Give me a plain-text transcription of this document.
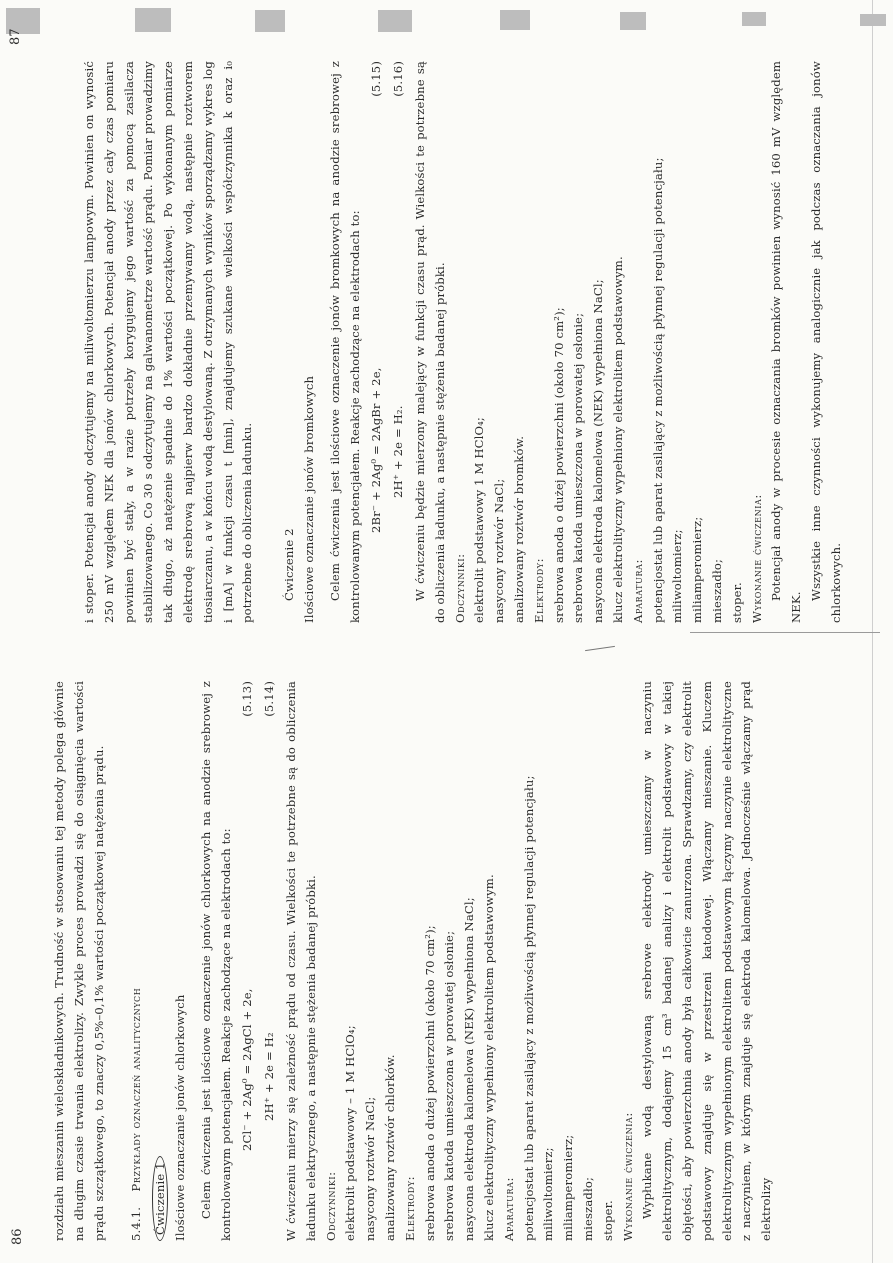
86 rozdziału mieszanin wieloskładnikowych. Trudność w stosowaniu tej metody polega głównie na długim czasie trwania elektrolizy. Zwykle proces prowadzi się do osiągnięcia wartości prądu szczątkowego, to znaczy 0,5%–0,1% wartości początkowej natężenia prądu.	5.4.1.    Przykłady oznaczeń analitycznych

Ćwiczenie 1 Ilościowe oznaczanie jonów chlorkowych	Celem ćwiczenia jest ilościowe oznaczenie jonów chlorkowych na anodzie srebrowej z kontrolowanym potencjałem. Reakcje zachodzące na elektrodach to: 2Cl⁻ + 2Ag⁰ = 2AgCl + 2e,
(5.13)
2H⁺ + 2e = H₂
(5.14) W ćwiczeniu mierzy się zależność prądu od czasu. Wielkości te potrzebne są do obliczenia ładunku elektrycznego, a następnie stężenia badanej próbki. Odczynniki: elektrolit podstawowy – 1 M HClO₄; nasycony roztwór NaCl; analizowany roztwór chlorków. Elektrody: srebrowa anoda o dużej powierzchni (około 70 cm²); srebrowa katoda umieszczona w porowatej osłonie; nasycona elektroda kalomelowa (NEK) wypełniona NaCl; klucz elektrolityczny wypełniony elektrolitem podstawowym. Aparatura: potencjostat lub aparat zasilający z możliwością płynnej regulacji potencjału; miliwoltomierz; miliamperomierz; mieszadło; stoper. Wykonanie ćwiczenia: Wypłukane wodą destylowaną srebrowe elektrody umieszczamy w naczyniu elektrolitycznym, dodajemy 15 cm³ badanej analizy i elektrolit podstawowy w takiej objętości, aby powierzchnia anody była całkowicie zanurzona. Sprawdzamy, czy elektrolit podstawowy znajduje się w przestrzeni katodowej. Włączamy mieszanie. Kluczem elektrolitycznym wypełnionym elektrolitem podstawowym łączymy naczynie elektrolityczne z naczyniem, w którym znajduje się elektroda kalomelowa. Jednocześnie włączamy prąd elektrolizy

87

i stoper. Potencjał anody odczytujemy na miliwoltomierzu lampowym. Powinien on wynosić 250 mV względem NEK dla jonów chlorkowych. Potencjał anody przez cały czas pomiaru powinien być stały, a w razie potrzeby korygujemy jego wartość za pomocą zasilacza stabilizowanego. Co 30 s odczytujemy na galwanometrze wartość prądu. Pomiar prowadzimy tak długo, aż natężenie spadnie do 1% wartości początkowej. Po wykonanym pomiarze elektrodę srebrową najpierw bardzo dokładnie przemywamy wodą, następnie roztworem tiosiarczanu, a w końcu wodą destylowaną. Z otrzymanych wyników sporządzamy wykres log i [mA] w funkcji czasu t [min], znajdujemy szukane wielkości współczynnika k oraz i₀ potrzebne do obliczenia ładunku.	Ćwiczenie 2 Ilościowe oznaczanie jonów bromkowych	Celem ćwiczenia jest ilościowe oznaczenie jonów bromkowych na anodzie srebrowej z kontrolowanym potencjałem. Reakcje zachodzące na elektrodach to: 2Br⁻ + 2Ag⁰ = 2AgBr + 2e,
(5.15)
2H⁺ + 2e = H₂.
(5.16) W ćwiczeniu będzie mierzony malejący w funkcji czasu prąd. Wielkości te potrzebne są do obliczenia ładunku, a następnie stężenia badanej próbki. Odczynniki: elektrolit podstawowy 1 M HClO₄; nasycony roztwór NaCl; analizowany roztwór bromków. Elektrody: srebrowa anoda o dużej powierzchni (około 70 cm²); srebrowa katoda umieszczona w porowatej osłonie; nasycona elektroda kalomelowa (NEK) wypełniona NaCl; klucz elektrolityczny wypełniony elektrolitem podstawowym. Aparatura: potencjostat lub aparat zasilający z możliwością płynnej regulacji potencjału; miliwoltomierz; miliamperomierz; mieszadło; stoper. Wykonanie ćwiczenia: Potencjał anody w procesie oznaczania bromków powinien wynosić 160 mV względem NEK.

Wszystkie inne czynności wykonujemy analogicznie jak podczas oznaczania jonów chlorkowych.
